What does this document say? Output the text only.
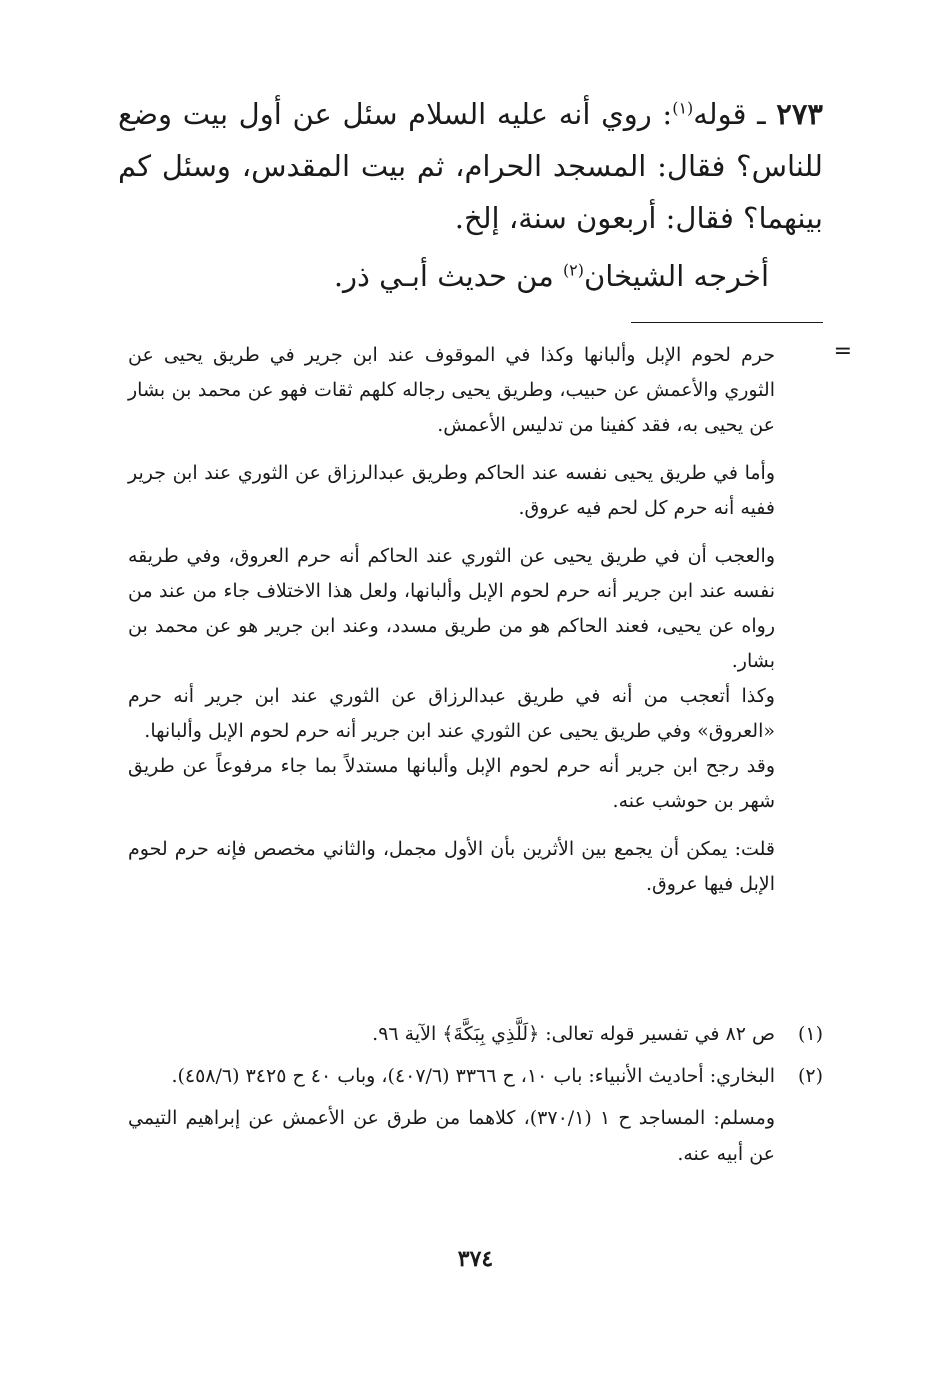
٢٧٣ ـ قوله$^{(١)}$: روي أنه عليه السلام سئل عن أول بيت وضع للناس؟ فقال: المسجد الحرام، ثم بيت المقدس، وسئل كم بينهما؟ فقال: أربعون سنة، إلخ.

أخرجه الشيخان$^{(٢)}$ من حديث أبـي ذر.

=

حرم لحوم الإبل وألبانها وكذا في الموقوف عند ابن جرير في طريق يحيى عن الثوري والأعمش عن حبيب، وطريق يحيى رجاله كلهم ثقات فهو عن محمد بن بشار عن يحيى به، فقد كفينا من تدليس الأعمش.

وأما في طريق يحيى نفسه عند الحاكم وطريق عبدالرزاق عن الثوري عند ابن جرير ففيه أنه حرم كل لحم فيه عروق.

والعجب أن في طريق يحيى عن الثوري عند الحاكم أنه حرم العروق، وفي طريقه نفسه عند ابن جرير أنه حرم لحوم الإبل وألبانها، ولعل هذا الاختلاف جاء من عند من رواه عن يحيى، فعند الحاكم هو من طريق مسدد، وعند ابن جرير هو عن محمد بن بشار.

وكذا أتعجب من أنه في طريق عبدالرزاق عن الثوري عند ابن جرير أنه حرم «العروق» وفي طريق يحيى عن الثوري عند ابن جرير أنه حرم لحوم الإبل وألبانها.

وقد رجح ابن جرير أنه حرم لحوم الإبل وألبانها مستدلاً بما جاء مرفوعاً عن طريق شهر بن حوشب عنه.

قلت: يمكن أن يجمع بين الأثرين بأن الأول مجمل، والثاني مخصص فإنه حرم لحوم الإبل فيها عروق.

(١)

ص ٨٢ في تفسير قوله تعالى: ﴿لَلَّذِي بِبَكَّةَ﴾ الآية ٩٦.

(٢)

البخاري: أحاديث الأنبياء: باب ١٠، ح ٣٣٦٦ (٤٠٧/٦)، وباب ٤٠ ح ٣٤٢٥ (٤٥٨/٦).

ومسلم: المساجد ح ١ (٣٧٠/١)، كلاهما من طرق عن الأعمش عن إبراهيم التيمي عن أبيه عنه.

٣٧٤
